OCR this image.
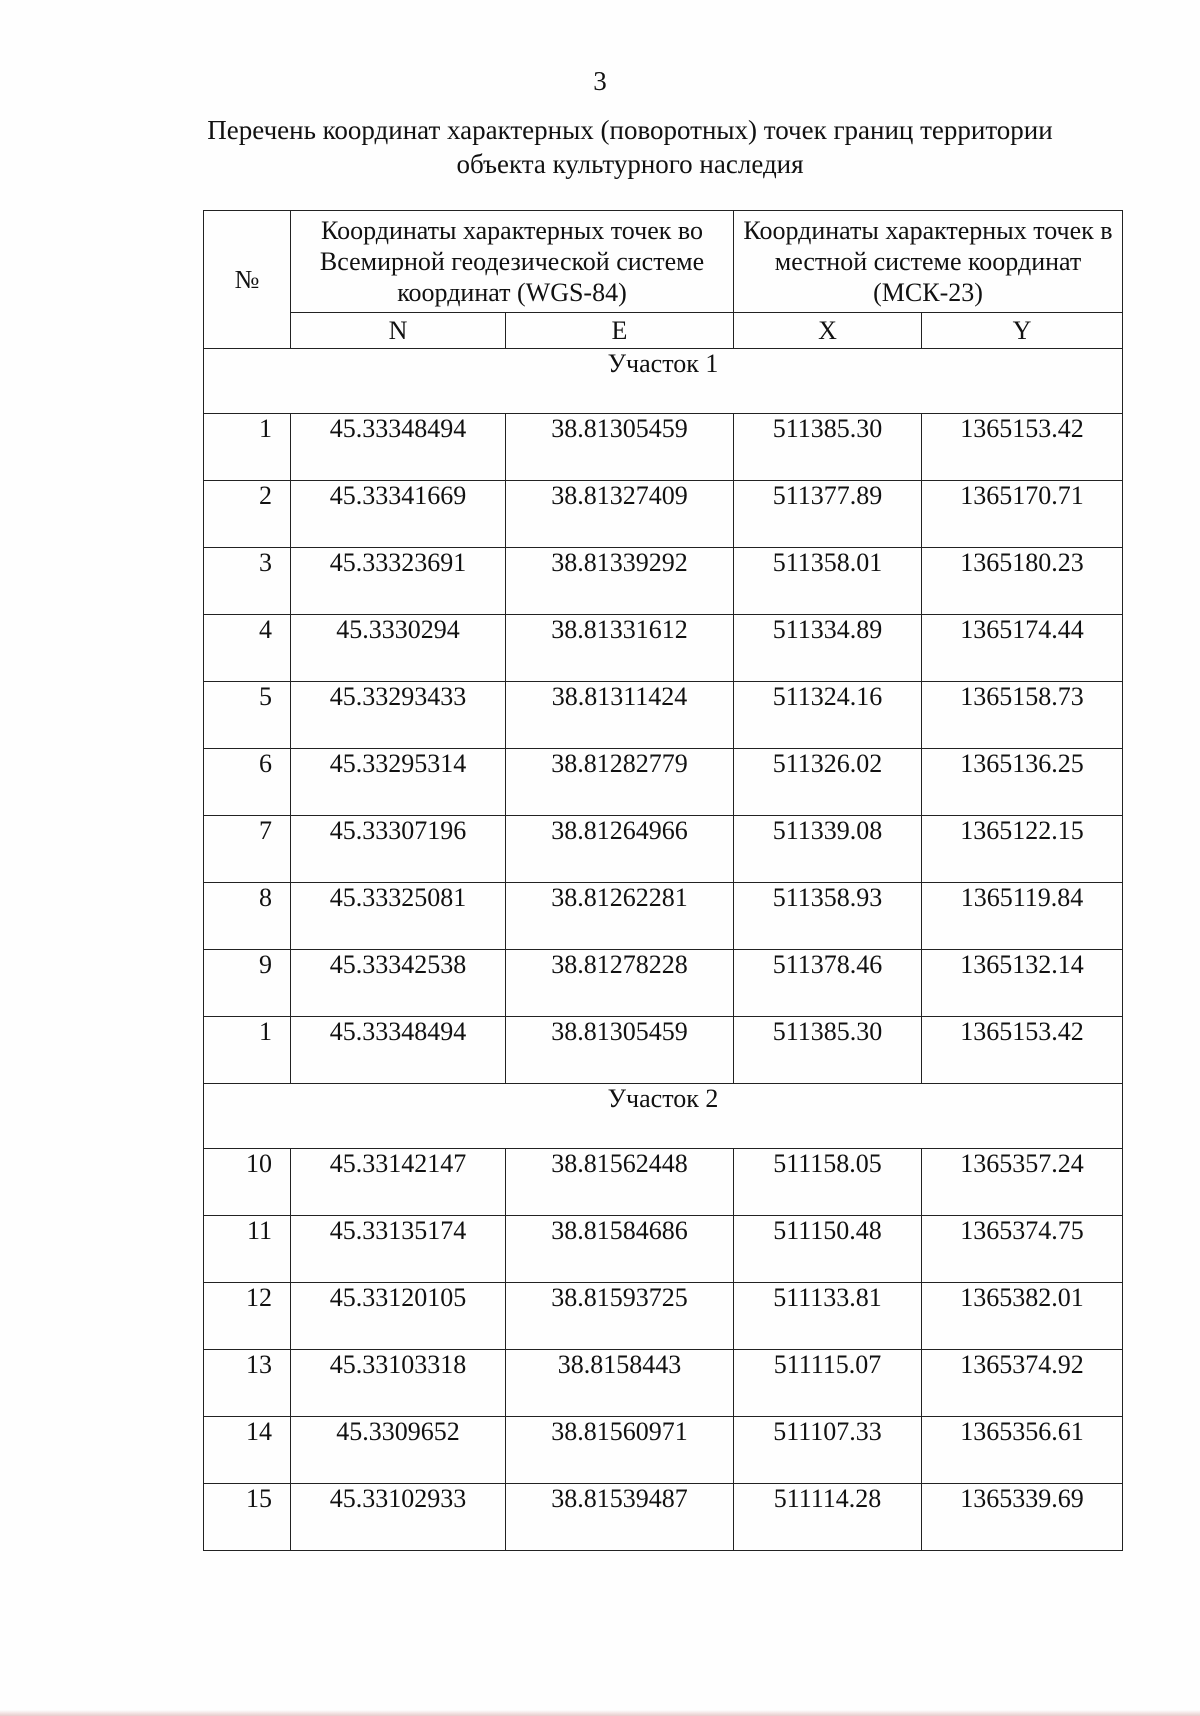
3
Перечень координат характерных (поворотных) точек границ территории
объекта культурного наследия
№	Координаты характерных точек во Всемирной геодезической системе координат (WGS-84)		Координаты характерных точек в местной системе координат (МСК-23)	
	N	E	X	Y
Участок 1				
1	45.33348494	38.81305459	511385.30	1365153.42
2	45.33341669	38.81327409	511377.89	1365170.71
3	45.33323691	38.81339292	511358.01	1365180.23
4	45.3330294	38.81331612	511334.89	1365174.44
5	45.33293433	38.81311424	511324.16	1365158.73
6	45.33295314	38.81282779	511326.02	1365136.25
7	45.33307196	38.81264966	511339.08	1365122.15
8	45.33325081	38.81262281	511358.93	1365119.84
9	45.33342538	38.81278228	511378.46	1365132.14
1	45.33348494	38.81305459	511385.30	1365153.42
Участок 2				
10	45.33142147	38.81562448	511158.05	1365357.24
11	45.33135174	38.81584686	511150.48	1365374.75
12	45.33120105	38.81593725	511133.81	1365382.01
13	45.33103318	38.8158443	511115.07	1365374.92
14	45.3309652	38.81560971	511107.33	1365356.61
15	45.33102933	38.81539487	511114.28	1365339.69
